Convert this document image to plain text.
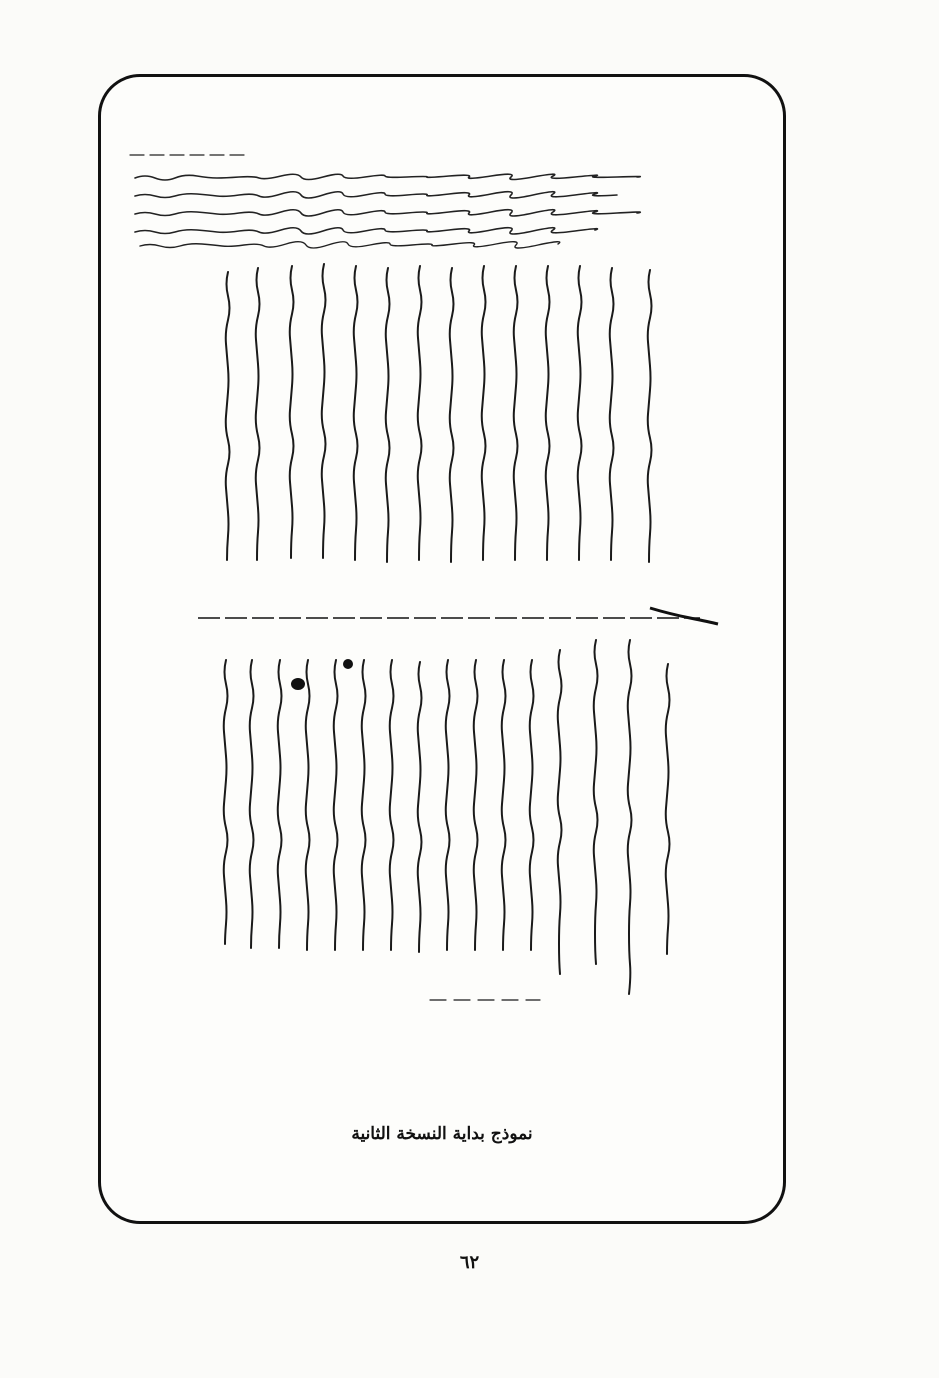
نموذج بداية النسخة الثانية
٦٢
